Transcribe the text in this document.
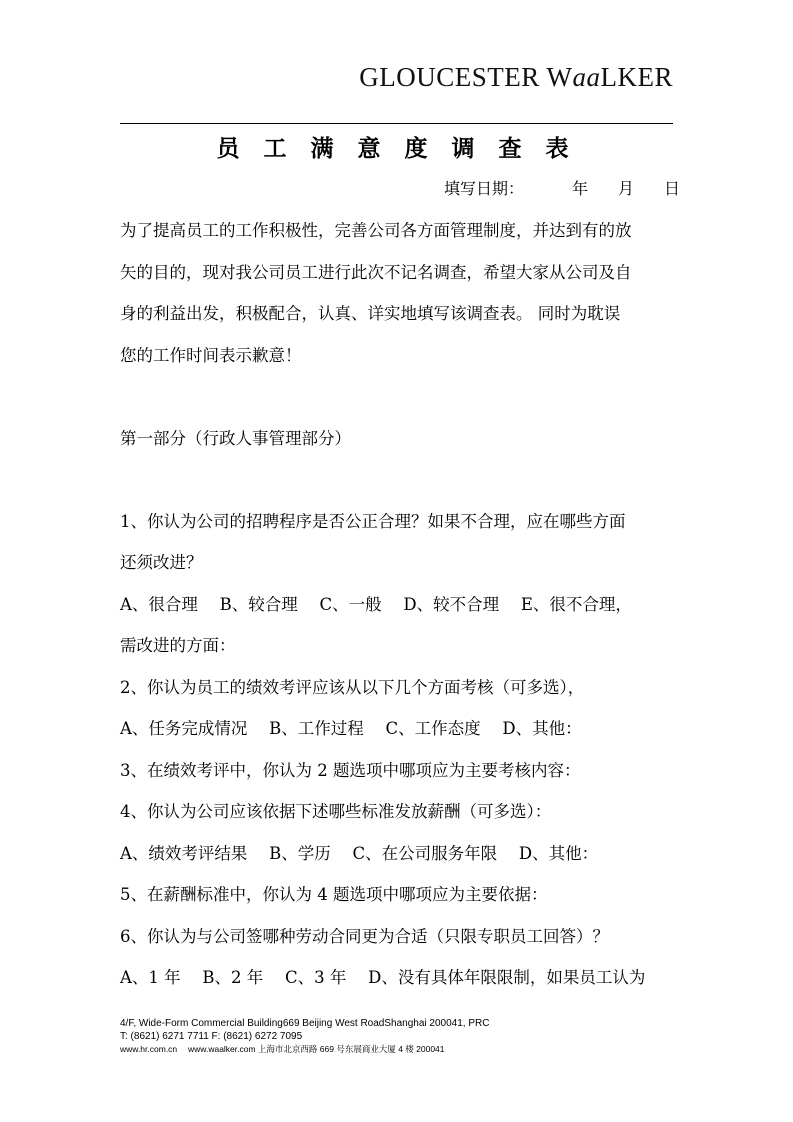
GLOUCESTER WaaLKER
员 工 满 意 度 调 查 表
填写日期：	年 月 日

为了提高员工的工作积极性，完善公司各方面管理制度，并达到有的放

矢的目的，现对我公司员工进行此次不记名调查，希望大家从公司及自

身的利益出发，积极配合，认真、详实地填写该调查表。 同时为耽误

您的工作时间表示歉意！

第一部分（行政人事管理部分）

1、你认为公司的招聘程序是否公正合理？如果不合理，应在哪些方面

还须改进？

A、很合理　 B、较合理　 C、一般　 D、较不合理　 E、很不合理，

需改进的方面：

2、你认为员工的绩效考评应该从以下几个方面考核（可多选），

A、任务完成情况　 B、工作过程　 C、工作态度　 D、其他：

3、在绩效考评中，你认为 2 题选项中哪项应为主要考核内容：

4、你认为公司应该依据下述哪些标准发放薪酬（可多选）：

A、绩效考评结果　 B、学历　 C、在公司服务年限　 D、其他：

5、在薪酬标准中，你认为 4 题选项中哪项应为主要依据：

6、你认为与公司签哪种劳动合同更为合适（只限专职员工回答）？

A、1 年　 B、2 年　 C、3 年　 D、没有具体年限限制，如果员工认为

4/F, Wide-Form Commercial Building669 Beijing West RoadShanghai 200041, PRC
T: (8621) 6271 7711 F: (8621) 6272 7095
www.hr.com.cn　 www.waalker.com 上海市北京西路 669 号东展商业大厦 4 楼 200041
